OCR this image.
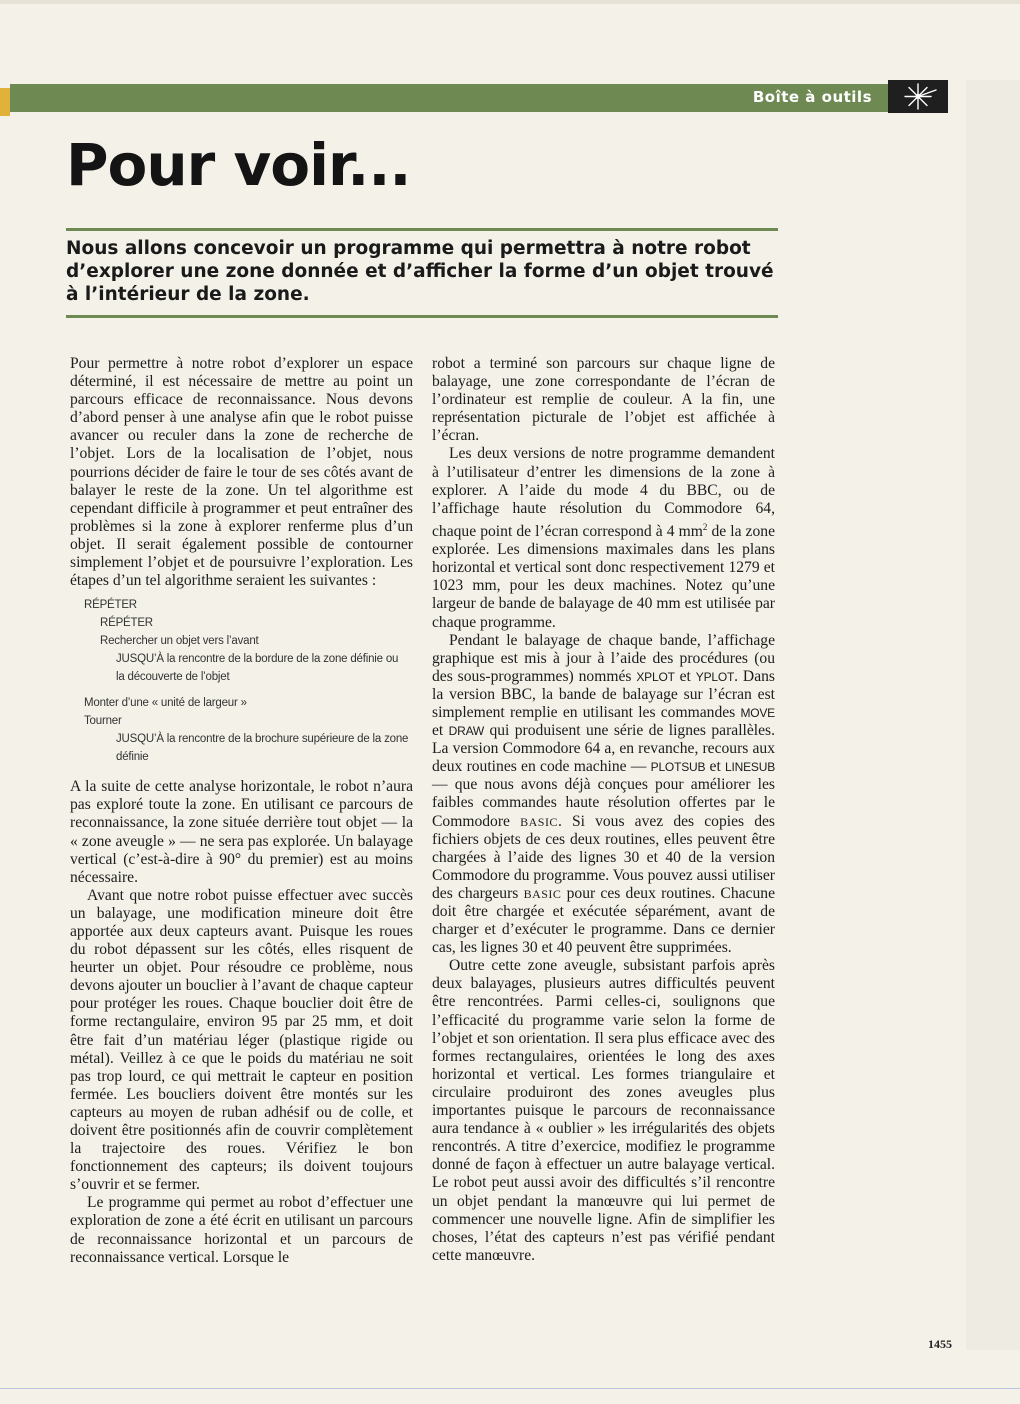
Boîte à outils
Pour voir...

Nous allons concevoir un programme qui permettra à notre robot d’explorer une zone donnée et d’afficher la forme d’un objet trouvé à l’intérieur de la zone.

Pour permettre à notre robot d’explorer un espace déterminé, il est nécessaire de mettre au point un parcours efficace de reconnaissance. Nous devons d’abord penser à une analyse afin que le robot puisse avancer ou reculer dans la zone de recherche de l’objet. Lors de la localisation de l’objet, nous pourrions décider de faire le tour de ses côtés avant de balayer le reste de la zone. Un tel algorithme est cependant difficile à programmer et peut entraîner des problèmes si la zone à explorer renferme plus d’un objet. Il serait également possible de contourner simplement l’objet et de poursuivre l’exploration. Les étapes d’un tel algorithme seraient les suivantes :

RÉPÉTER
RÉPÉTER
Rechercher un objet vers l’avant
JUSQU’À la rencontre de la bordure de la zone définie ou
la découverte de l’objet
Monter d’une « unité de largeur »
Tourner
JUSQU’À la rencontre de la brochure supérieure de la zone
définie

A la suite de cette analyse horizontale, le robot n’aura pas exploré toute la zone. En utilisant ce parcours de reconnaissance, la zone située derrière tout objet — la « zone aveugle » — ne sera pas explorée. Un balayage vertical (c’est-à-dire à 90° du premier) est au moins nécessaire.

Avant que notre robot puisse effectuer avec succès un balayage, une modification mineure doit être apportée aux deux capteurs avant. Puisque les roues du robot dépassent sur les côtés, elles risquent de heurter un objet. Pour résoudre ce problème, nous devons ajouter un bouclier à l’avant de chaque capteur pour protéger les roues. Chaque bouclier doit être de forme rectangulaire, environ 95 par 25 mm, et doit être fait d’un matériau léger (plastique rigide ou métal). Veillez à ce que le poids du matériau ne soit pas trop lourd, ce qui mettrait le capteur en position fermée. Les boucliers doivent être montés sur les capteurs au moyen de ruban adhésif ou de colle, et doivent être positionnés afin de couvrir complètement la trajectoire des roues. Vérifiez le bon fonctionnement des capteurs; ils doivent toujours s’ouvrir et se fermer.

Le programme qui permet au robot d’effectuer une exploration de zone a été écrit en utilisant un parcours de reconnaissance horizontal et un parcours de reconnaissance vertical. Lorsque le

robot a terminé son parcours sur chaque ligne de balayage, une zone correspondante de l’écran de l’ordinateur est remplie de couleur. A la fin, une représentation picturale de l’objet est affichée à l’écran.

Les deux versions de notre programme demandent à l’utilisateur d’entrer les dimensions de la zone à explorer. A l’aide du mode 4 du BBC, ou de l’affichage haute résolution du Commodore 64, chaque point de l’écran correspond à 4 $mm^2$ de la zone explorée. Les dimensions maximales dans les plans horizontal et vertical sont donc respectivement 1279 et 1023 mm, pour les deux machines. Notez qu’une largeur de bande de balayage de 40 mm est utilisée par chaque programme.

Pendant le balayage de chaque bande, l’affichage graphique est mis à jour à l’aide des procédures (ou des sous-programmes) nommés XPLOT et YPLOT. Dans la version BBC, la bande de balayage sur l’écran est simplement remplie en utilisant les commandes MOVE et DRAW qui produisent une série de lignes parallèles. La version Commodore 64 a, en revanche, recours aux deux routines en code machine — PLOTSUB et LINESUB — que nous avons déjà conçues pour améliorer les faibles commandes haute résolution offertes par le Commodore BASIC. Si vous avez des copies des fichiers objets de ces deux routines, elles peuvent être chargées à l’aide des lignes 30 et 40 de la version Commodore du programme. Vous pouvez aussi utiliser des chargeurs BASIC pour ces deux routines. Chacune doit être chargée et exécutée séparément, avant de charger et d’exécuter le programme. Dans ce dernier cas, les lignes 30 et 40 peuvent être supprimées.

Outre cette zone aveugle, subsistant parfois après deux balayages, plusieurs autres difficultés peuvent être rencontrées. Parmi celles-ci, soulignons que l’efficacité du programme varie selon la forme de l’objet et son orientation. Il sera plus efficace avec des formes rectangulaires, orientées le long des axes horizontal et vertical. Les formes triangulaire et circulaire produiront des zones aveugles plus importantes puisque le parcours de reconnaissance aura tendance à « oublier » les irrégularités des objets rencontrés. A titre d’exercice, modifiez le programme donné de façon à effectuer un autre balayage vertical. Le robot peut aussi avoir des difficultés s’il rencontre un objet pendant la manœuvre qui lui permet de commencer une nouvelle ligne. Afin de simplifier les choses, l’état des capteurs n’est pas vérifié pendant cette manœuvre.

1455
